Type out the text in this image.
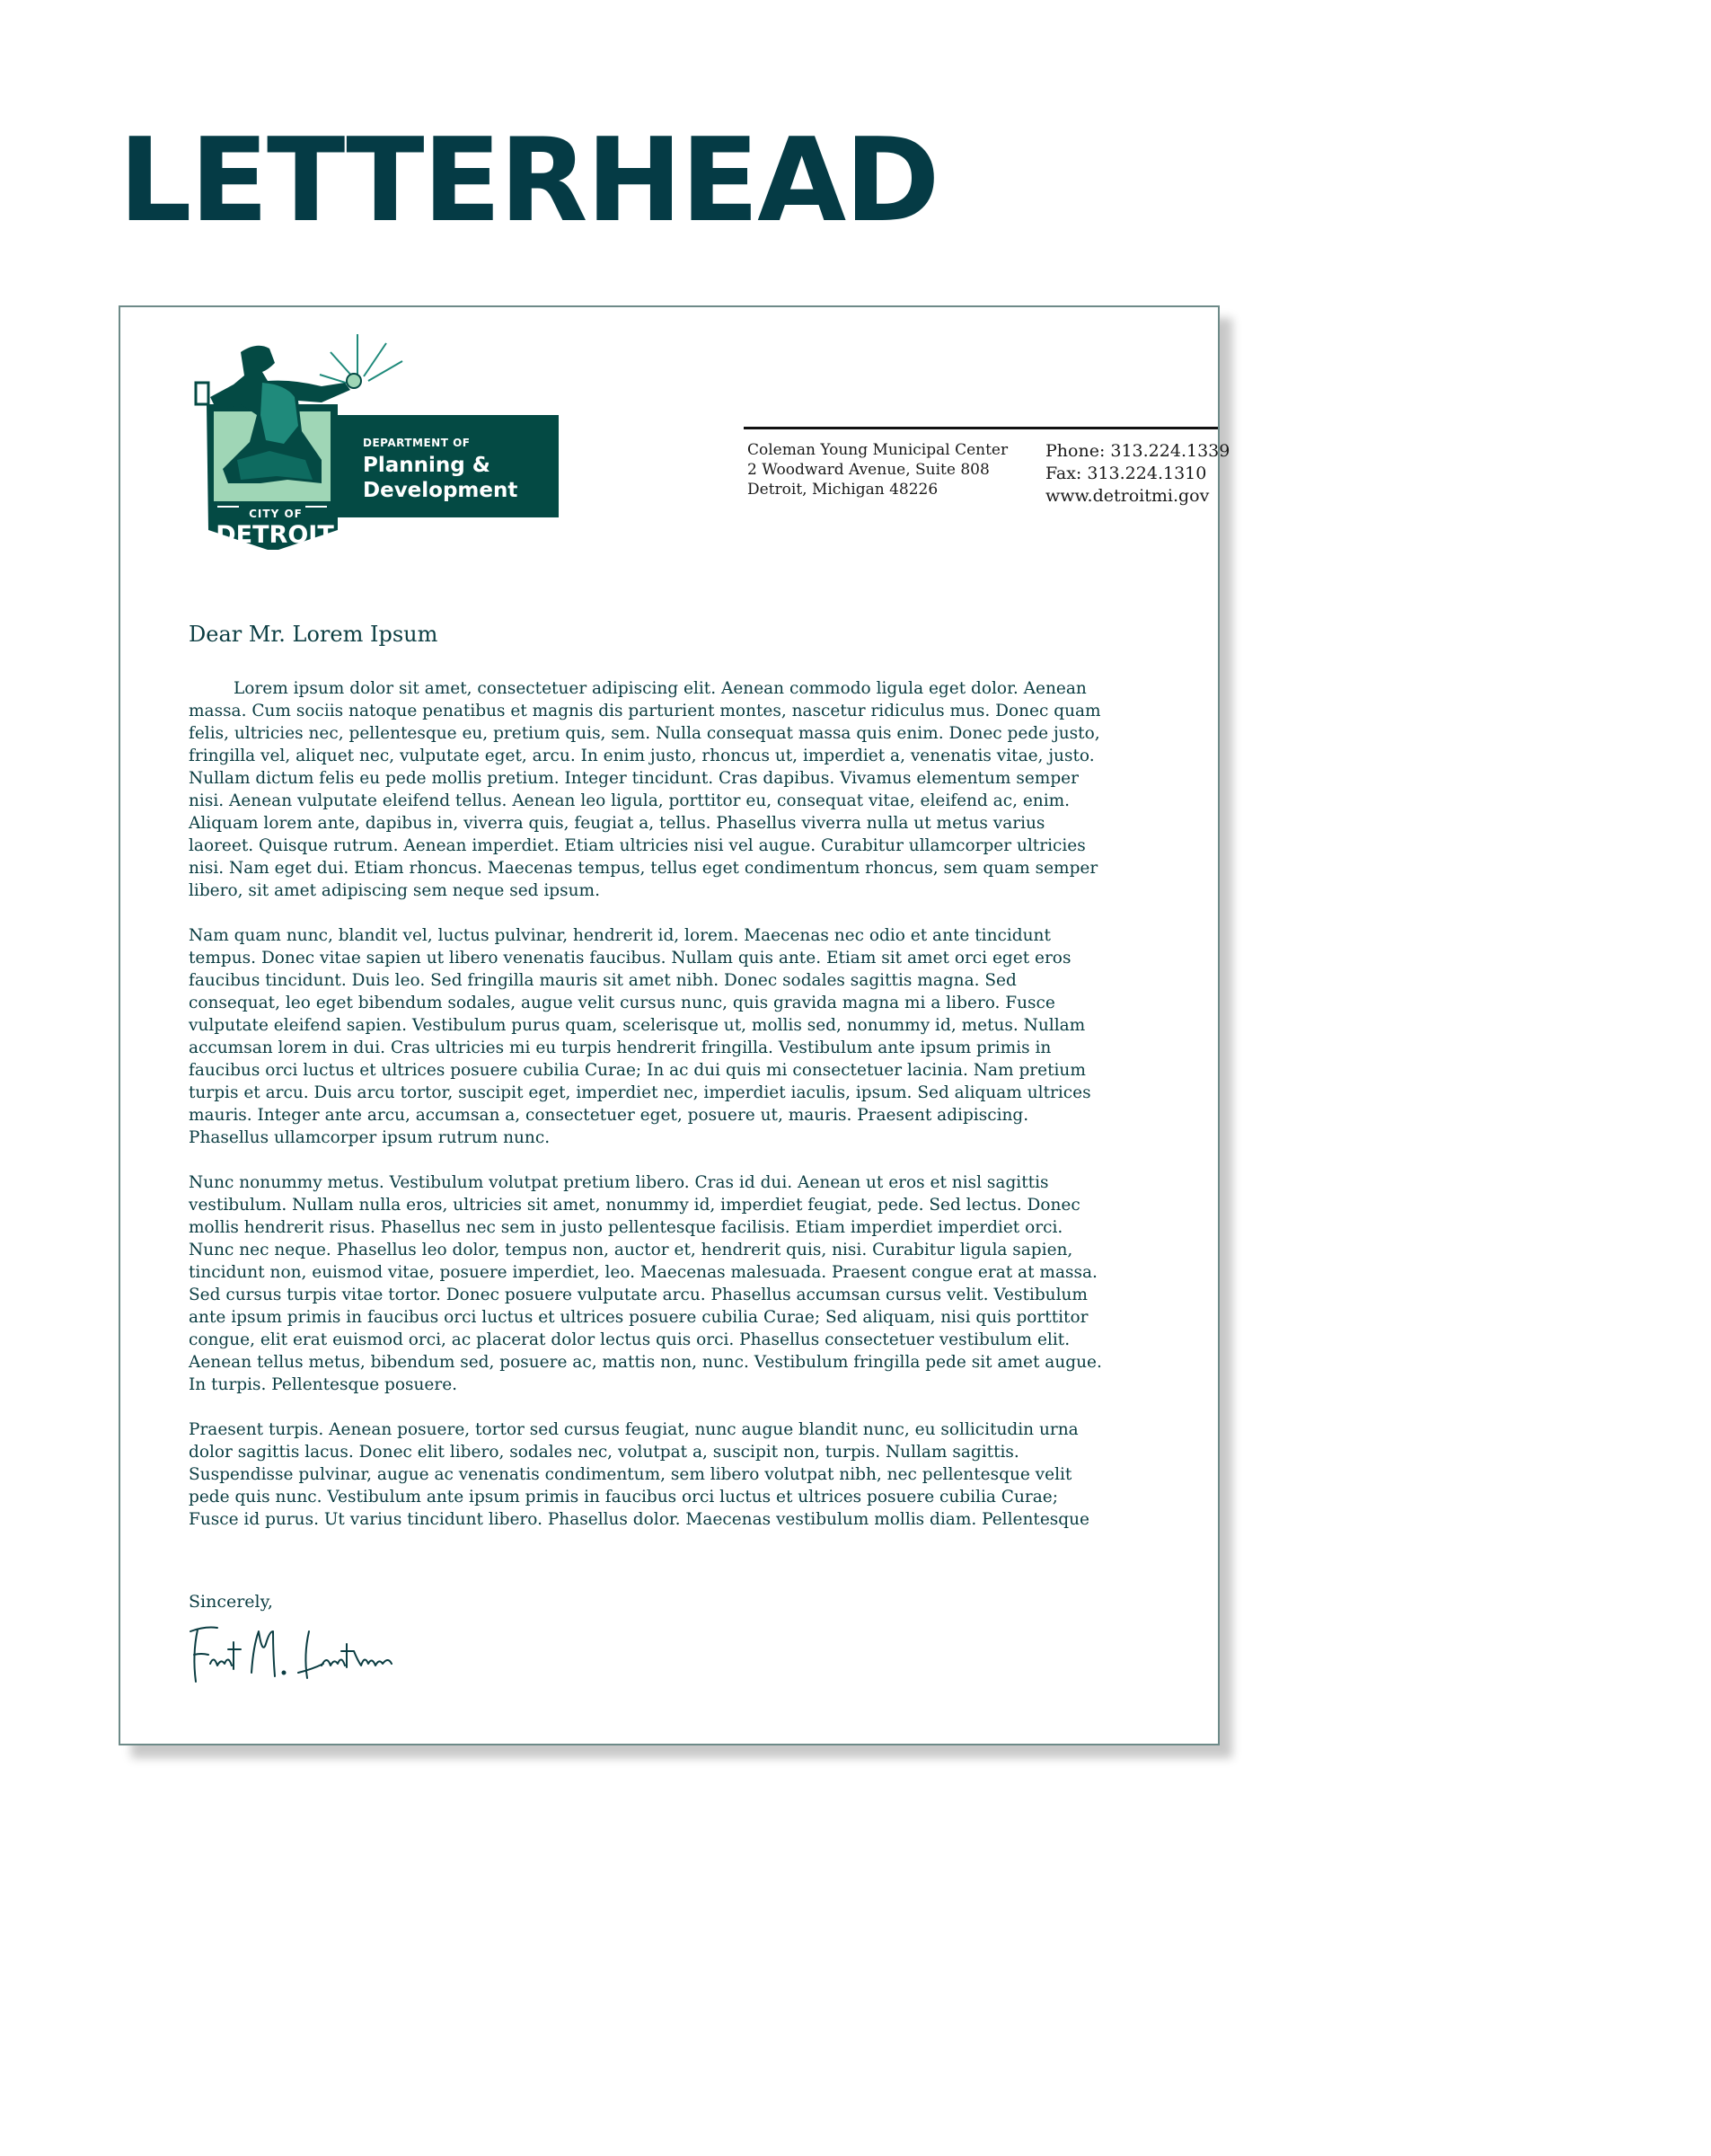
LETTERHEAD
DEPARTMENT OF
Planning &
Development
CITY OF
DETROIT
Coleman Young Municipal Center
2 Woodward Avenue, Suite 808
Detroit, Michigan 48226
Phone: 313.224.1339
Fax: 313.224.1310
www.detroitmi.gov
Dear Mr. Lorem Ipsum

Lorem ipsum dolor sit amet, consectetuer adipiscing elit. Aenean commodo ligula eget dolor. Aenean massa. Cum sociis natoque penatibus et magnis dis parturient montes, nascetur ridiculus mus. Donec quam felis, ultricies nec, pellentesque eu, pretium quis, sem. Nulla consequat massa quis enim. Donec pede justo, fringilla vel, aliquet nec, vulputate eget, arcu. In enim justo, rhoncus ut, imperdiet a, venenatis vitae, justo. Nullam dictum felis eu pede mollis pretium. Integer tincidunt. Cras dapibus. Vivamus elementum semper nisi. Aenean vulputate eleifend tellus. Aenean leo ligula, porttitor eu, consequat vitae, eleifend ac, enim. Aliquam lorem ante, dapibus in, viverra quis, feugiat a, tellus. Phasellus viverra nulla ut metus varius laoreet. Quisque rutrum. Aenean imperdiet. Etiam ultricies nisi vel augue. Curabitur ullamcorper ultricies nisi. Nam eget dui. Etiam rhoncus. Maecenas tempus, tellus eget condimentum rhoncus, sem quam semper libero, sit amet adipiscing sem neque sed ipsum.

Nam quam nunc, blandit vel, luctus pulvinar, hendrerit id, lorem. Maecenas nec odio et ante tincidunt tempus. Donec vitae sapien ut libero venenatis faucibus. Nullam quis ante. Etiam sit amet orci eget eros faucibus tincidunt. Duis leo. Sed fringilla mauris sit amet nibh. Donec sodales sagittis magna. Sed consequat, leo eget bibendum sodales, augue velit cursus nunc, quis gravida magna mi a libero. Fusce vulputate eleifend sapien. Vestibulum purus quam, scelerisque ut, mollis sed, nonummy id, metus. Nullam accumsan lorem in dui. Cras ultricies mi eu turpis hendrerit fringilla. Vestibulum ante ipsum primis in faucibus orci luctus et ultrices posuere cubilia Curae; In ac dui quis mi consectetuer lacinia. Nam pretium turpis et arcu. Duis arcu tortor, suscipit eget, imperdiet nec, imperdiet iaculis, ipsum. Sed aliquam ultrices mauris. Integer ante arcu, accumsan a, consectetuer eget, posuere ut, mauris. Praesent adipiscing. Phasellus ullamcorper ipsum rutrum nunc.

Nunc nonummy metus. Vestibulum volutpat pretium libero. Cras id dui. Aenean ut eros et nisl sagittis vestibulum. Nullam nulla eros, ultricies sit amet, nonummy id, imperdiet feugiat, pede. Sed lectus. Donec mollis hendrerit risus. Phasellus nec sem in justo pellentesque facilisis. Etiam imperdiet imperdiet orci. Nunc nec neque. Phasellus leo dolor, tempus non, auctor et, hendrerit quis, nisi. Curabitur ligula sapien, tincidunt non, euismod vitae, posuere imperdiet, leo. Maecenas malesuada. Praesent congue erat at massa. Sed cursus turpis vitae tortor. Donec posuere vulputate arcu. Phasellus accumsan cursus velit. Vestibulum ante ipsum primis in faucibus orci luctus et ultrices posuere cubilia Curae; Sed aliquam, nisi quis porttitor congue, elit erat euismod orci, ac placerat dolor lectus quis orci. Phasellus consectetuer vestibulum elit. Aenean tellus metus, bibendum sed, posuere ac, mattis non, nunc. Vestibulum fringilla pede sit amet augue. In turpis. Pellentesque posuere.

Praesent turpis. Aenean posuere, tortor sed cursus feugiat, nunc augue blandit nunc, eu sollicitudin urna dolor sagittis lacus. Donec elit libero, sodales nec, volutpat a, suscipit non, turpis. Nullam sagittis. Suspendisse pulvinar, augue ac venenatis condimentum, sem libero volutpat nibh, nec pellentesque velit pede quis nunc. Vestibulum ante ipsum primis in faucibus orci luctus et ultrices posuere cubilia Curae; Fusce id purus. Ut varius tincidunt libero. Phasellus dolor. Maecenas vestibulum mollis diam. Pellentesque

Sincerely,
